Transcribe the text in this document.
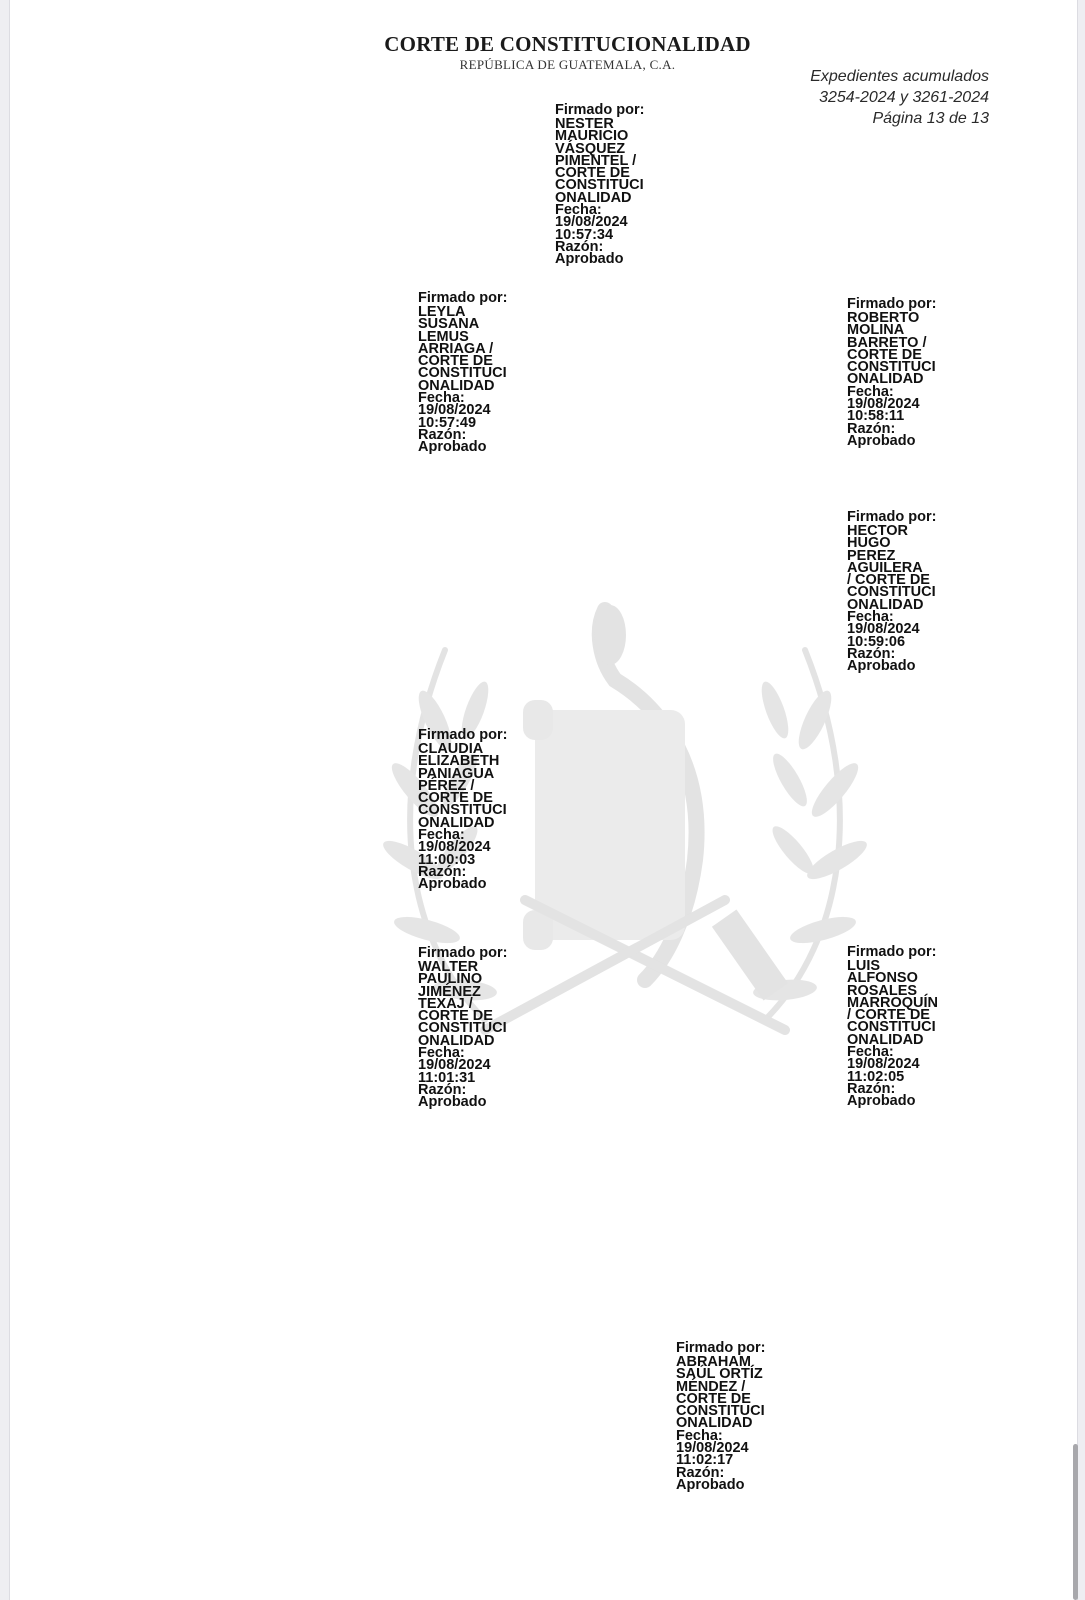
CORTE DE CONSTITUCIONALIDAD
REPÚBLICA DE GUATEMALA, C.A.
Expedientes acumulados
3254-2024 y 3261-2024
Página 13 de 13
Firmado por:
NESTER
MAURICIO
VÁSQUEZ
PIMENTEL /
CORTE DE
CONSTITUCI
ONALIDAD
Fecha:
19/08/2024
10:57:34
Razón:
Aprobado
Firmado por:
LEYLA
SUSANA
LEMUS
ARRIAGA /
CORTE DE
CONSTITUCI
ONALIDAD
Fecha:
19/08/2024
10:57:49
Razón:
Aprobado
Firmado por:
ROBERTO
MOLINA
BARRETO /
CORTE DE
CONSTITUCI
ONALIDAD
Fecha:
19/08/2024
10:58:11
Razón:
Aprobado
Firmado por:
HECTOR
HUGO
PEREZ
AGUILERA
/ CORTE DE
CONSTITUCI
ONALIDAD
Fecha:
19/08/2024
10:59:06
Razón:
Aprobado
Firmado por:
CLAUDIA
ELIZABETH
PANIAGUA
PÉREZ /
CORTE DE
CONSTITUCI
ONALIDAD
Fecha:
19/08/2024
11:00:03
Razón:
Aprobado
Firmado por:
WALTER
PAULINO
JIMÉNEZ
TEXAJ /
CORTE DE
CONSTITUCI
ONALIDAD
Fecha:
19/08/2024
11:01:31
Razón:
Aprobado
Firmado por:
LUIS
ALFONSO
ROSALES
MARROQUÍN
/ CORTE DE
CONSTITUCI
ONALIDAD
Fecha:
19/08/2024
11:02:05
Razón:
Aprobado
Firmado por:
ABRAHAM
SAÚL ORTÍZ
MÉNDEZ /
CORTE DE
CONSTITUCI
ONALIDAD
Fecha:
19/08/2024
11:02:17
Razón:
Aprobado
